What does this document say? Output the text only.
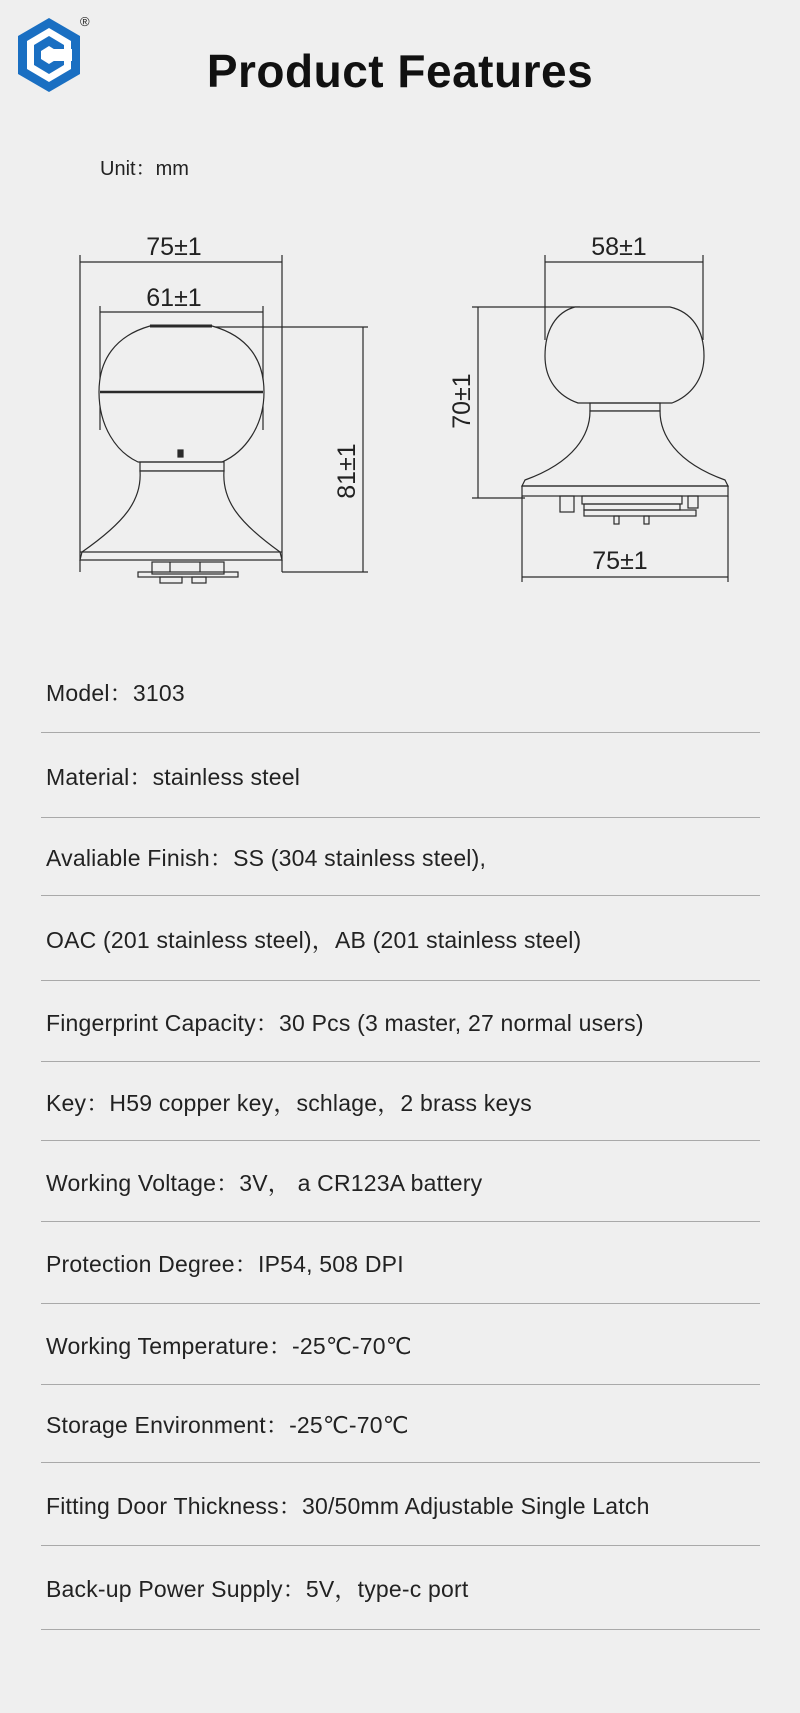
®
Product Features
Unit：mm
75±1
61±1
81±1
58±1
70±1
75±1
Model：3103
Material：stainless steel
Avaliable Finish：SS (304 stainless steel),
OAC (201 stainless steel)，AB (201 stainless steel)
Fingerprint Capacity：30 Pcs (3 master, 27 normal users)
Key：H59 copper key，schlage，2 brass keys
Working Voltage：3V， a CR123A battery
Protection Degree：IP54, 508 DPI
Working Temperature：-25℃-70℃
Storage Environment：-25℃-70℃
Fitting Door Thickness：30/50mm Adjustable Single Latch
Back-up Power Supply：5V，type-c port
